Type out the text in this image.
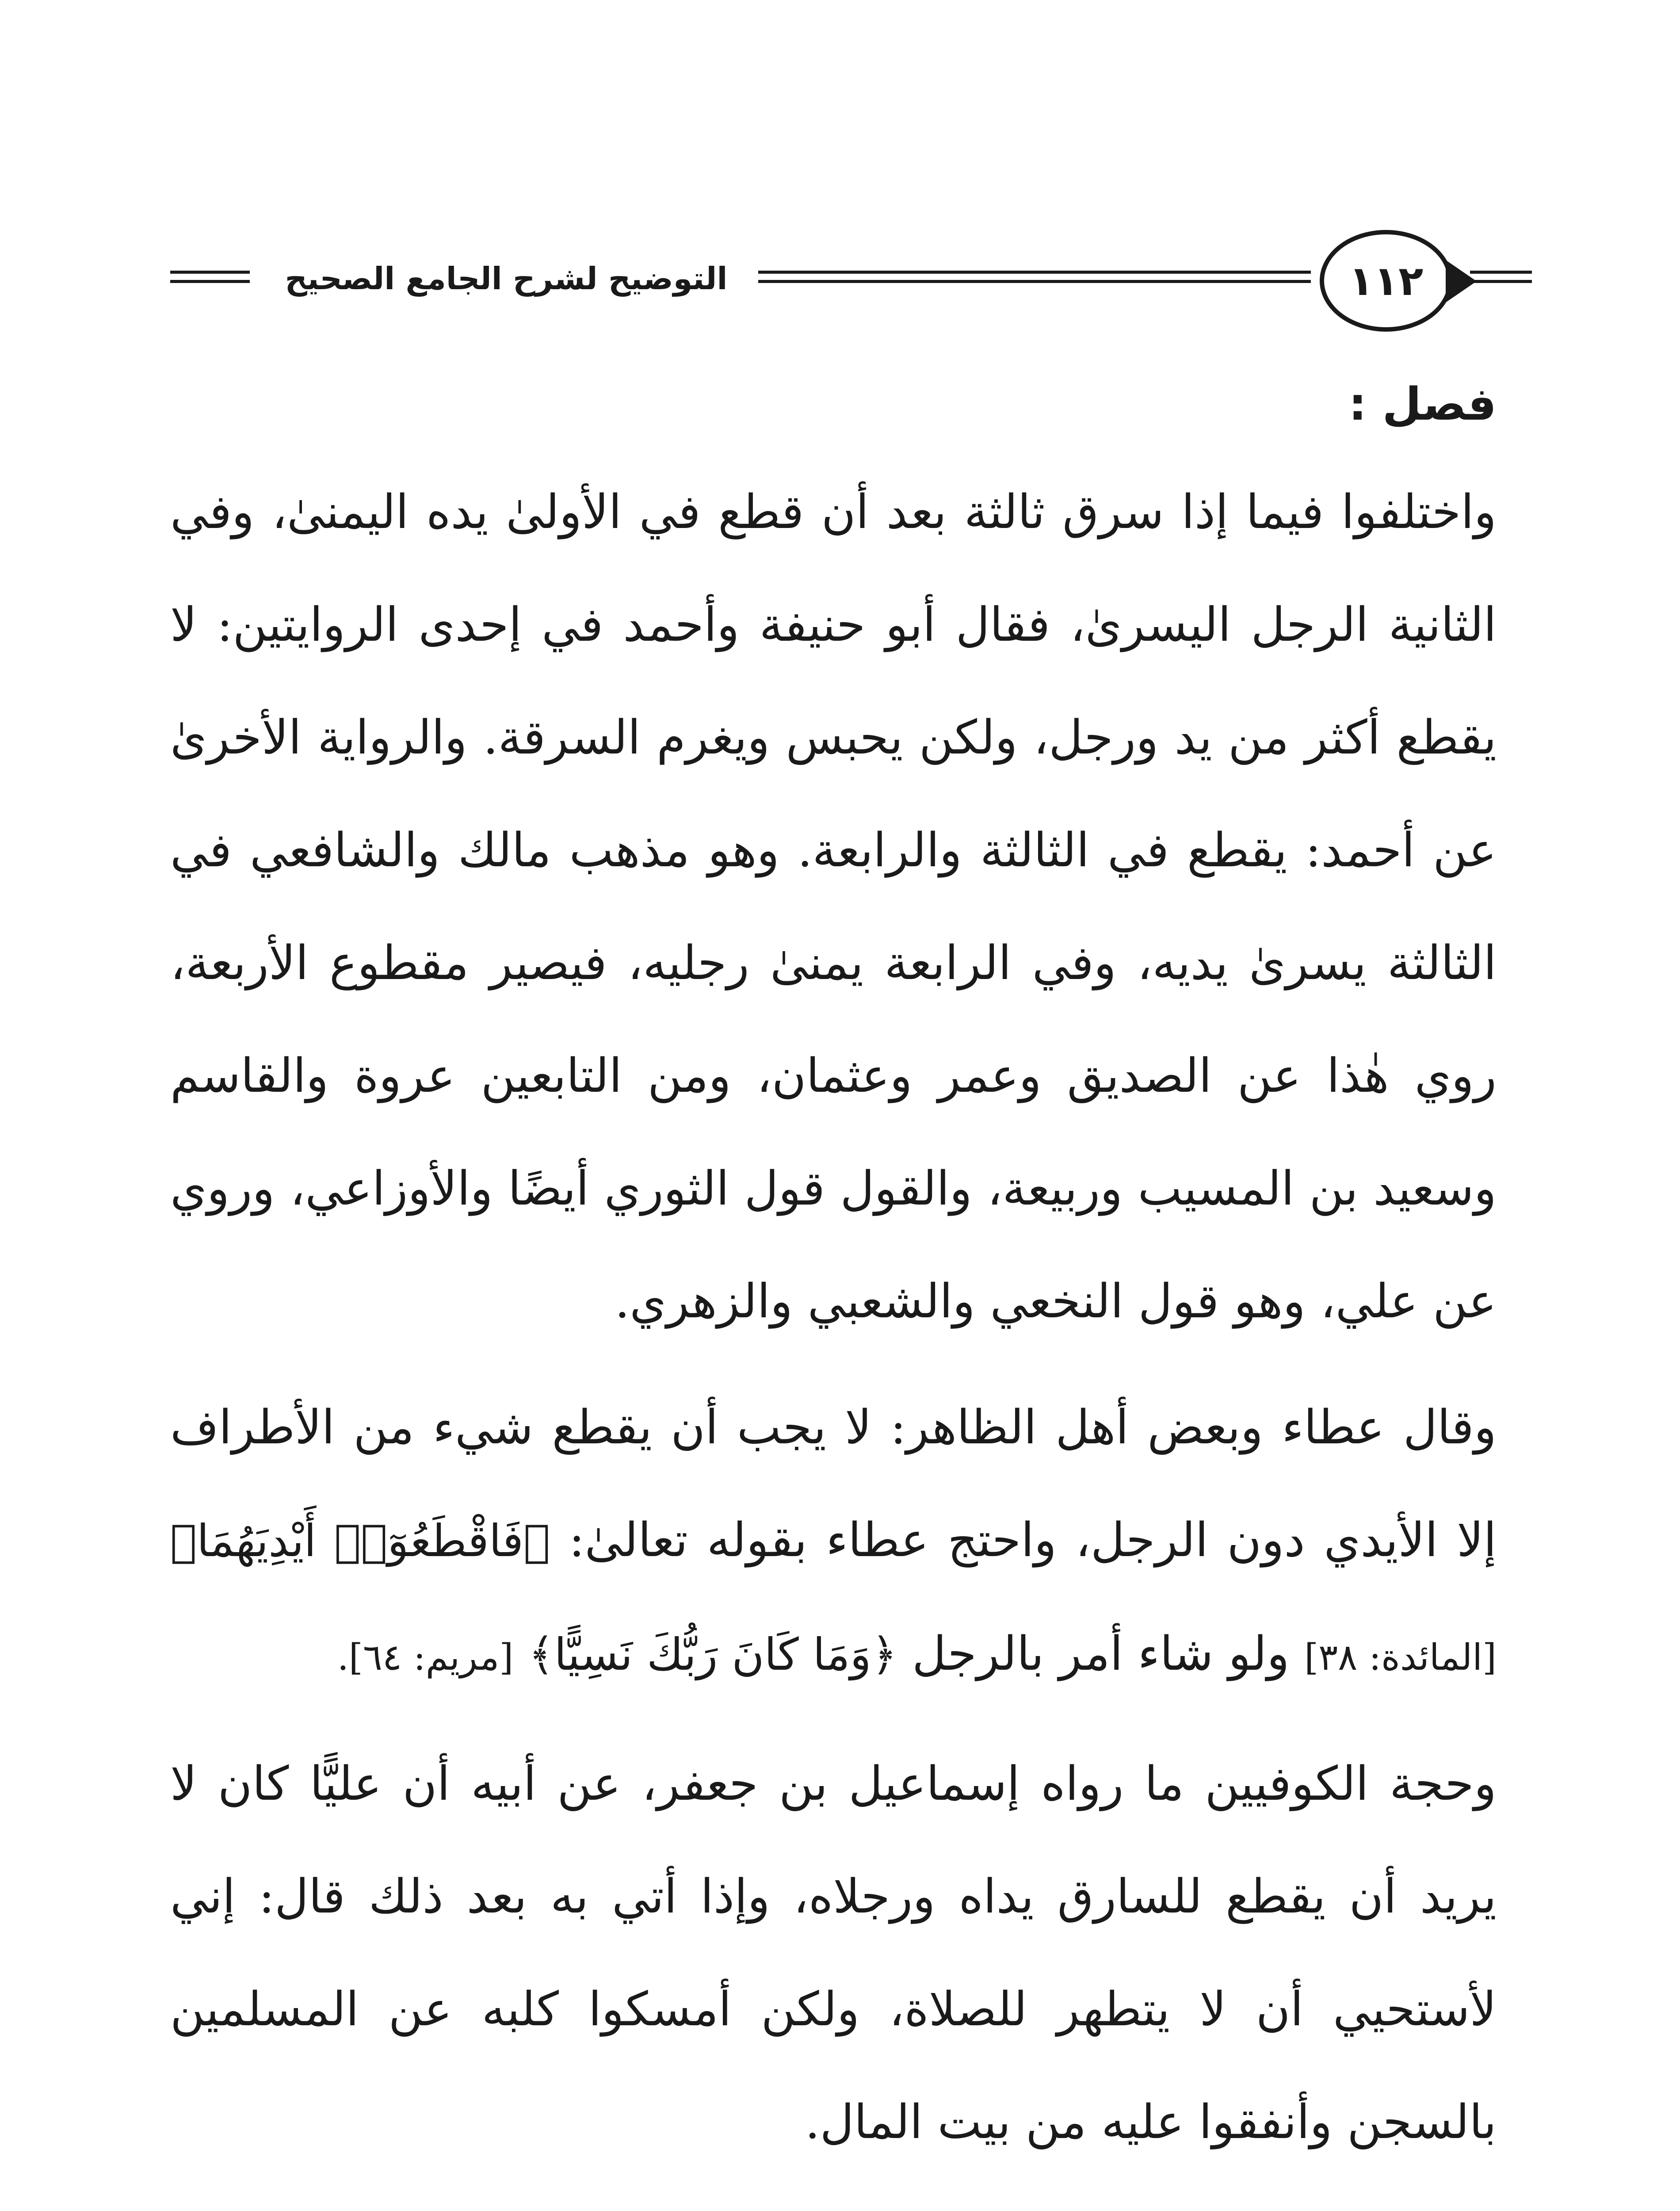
التوضيح لشرح الجامع الصحيح	١١٢

فصل :

واختلفوا فيما إذا سرق ثالثة بعد أن قطع في الأولىٰ يده اليمنىٰ، وفي الثانية الرجل اليسرىٰ، فقال أبو حنيفة وأحمد في إحدى الروايتين: لا يقطع أكثر من يد ورجل، ولكن يحبس ويغرم السرقة. والرواية الأخرىٰ عن أحمد: يقطع في الثالثة والرابعة. وهو مذهب مالك والشافعي في الثالثة يسرىٰ يديه، وفي الرابعة يمنىٰ رجليه، فيصير مقطوع الأربعة، روي هٰذا عن الصديق وعمر وعثمان، ومن التابعين عروة والقاسم وسعيد بن المسيب وربيعة، والقول قول الثوري أيضًا والأوزاعي، وروي عن علي، وهو قول النخعي والشعبي والزهري.

وقال عطاء وبعض أهل الظاهر: لا يجب أن يقطع شيء من الأطراف إلا الأيدي دون الرجل، واحتج عطاء بقوله تعالىٰ: ﴿فَاقْطَعُوٓا۟ أَيْدِيَهُمَا﴾ [المائدة: ٣٨] ولو شاء أمر بالرجل ﴿وَمَا كَانَ رَبُّكَ نَسِيًّا﴾ [مريم: ٦٤].

وحجة الكوفيين ما رواه إسماعيل بن جعفر، عن أبيه أن عليًّا كان لا يريد أن يقطع للسارق يداه ورجلاه، وإذا أتي به بعد ذلك قال: إني لأستحيي أن لا يتطهر للصلاة، ولكن أمسكوا كلبه عن المسلمين بالسجن وأنفقوا عليه من بيت المال.
